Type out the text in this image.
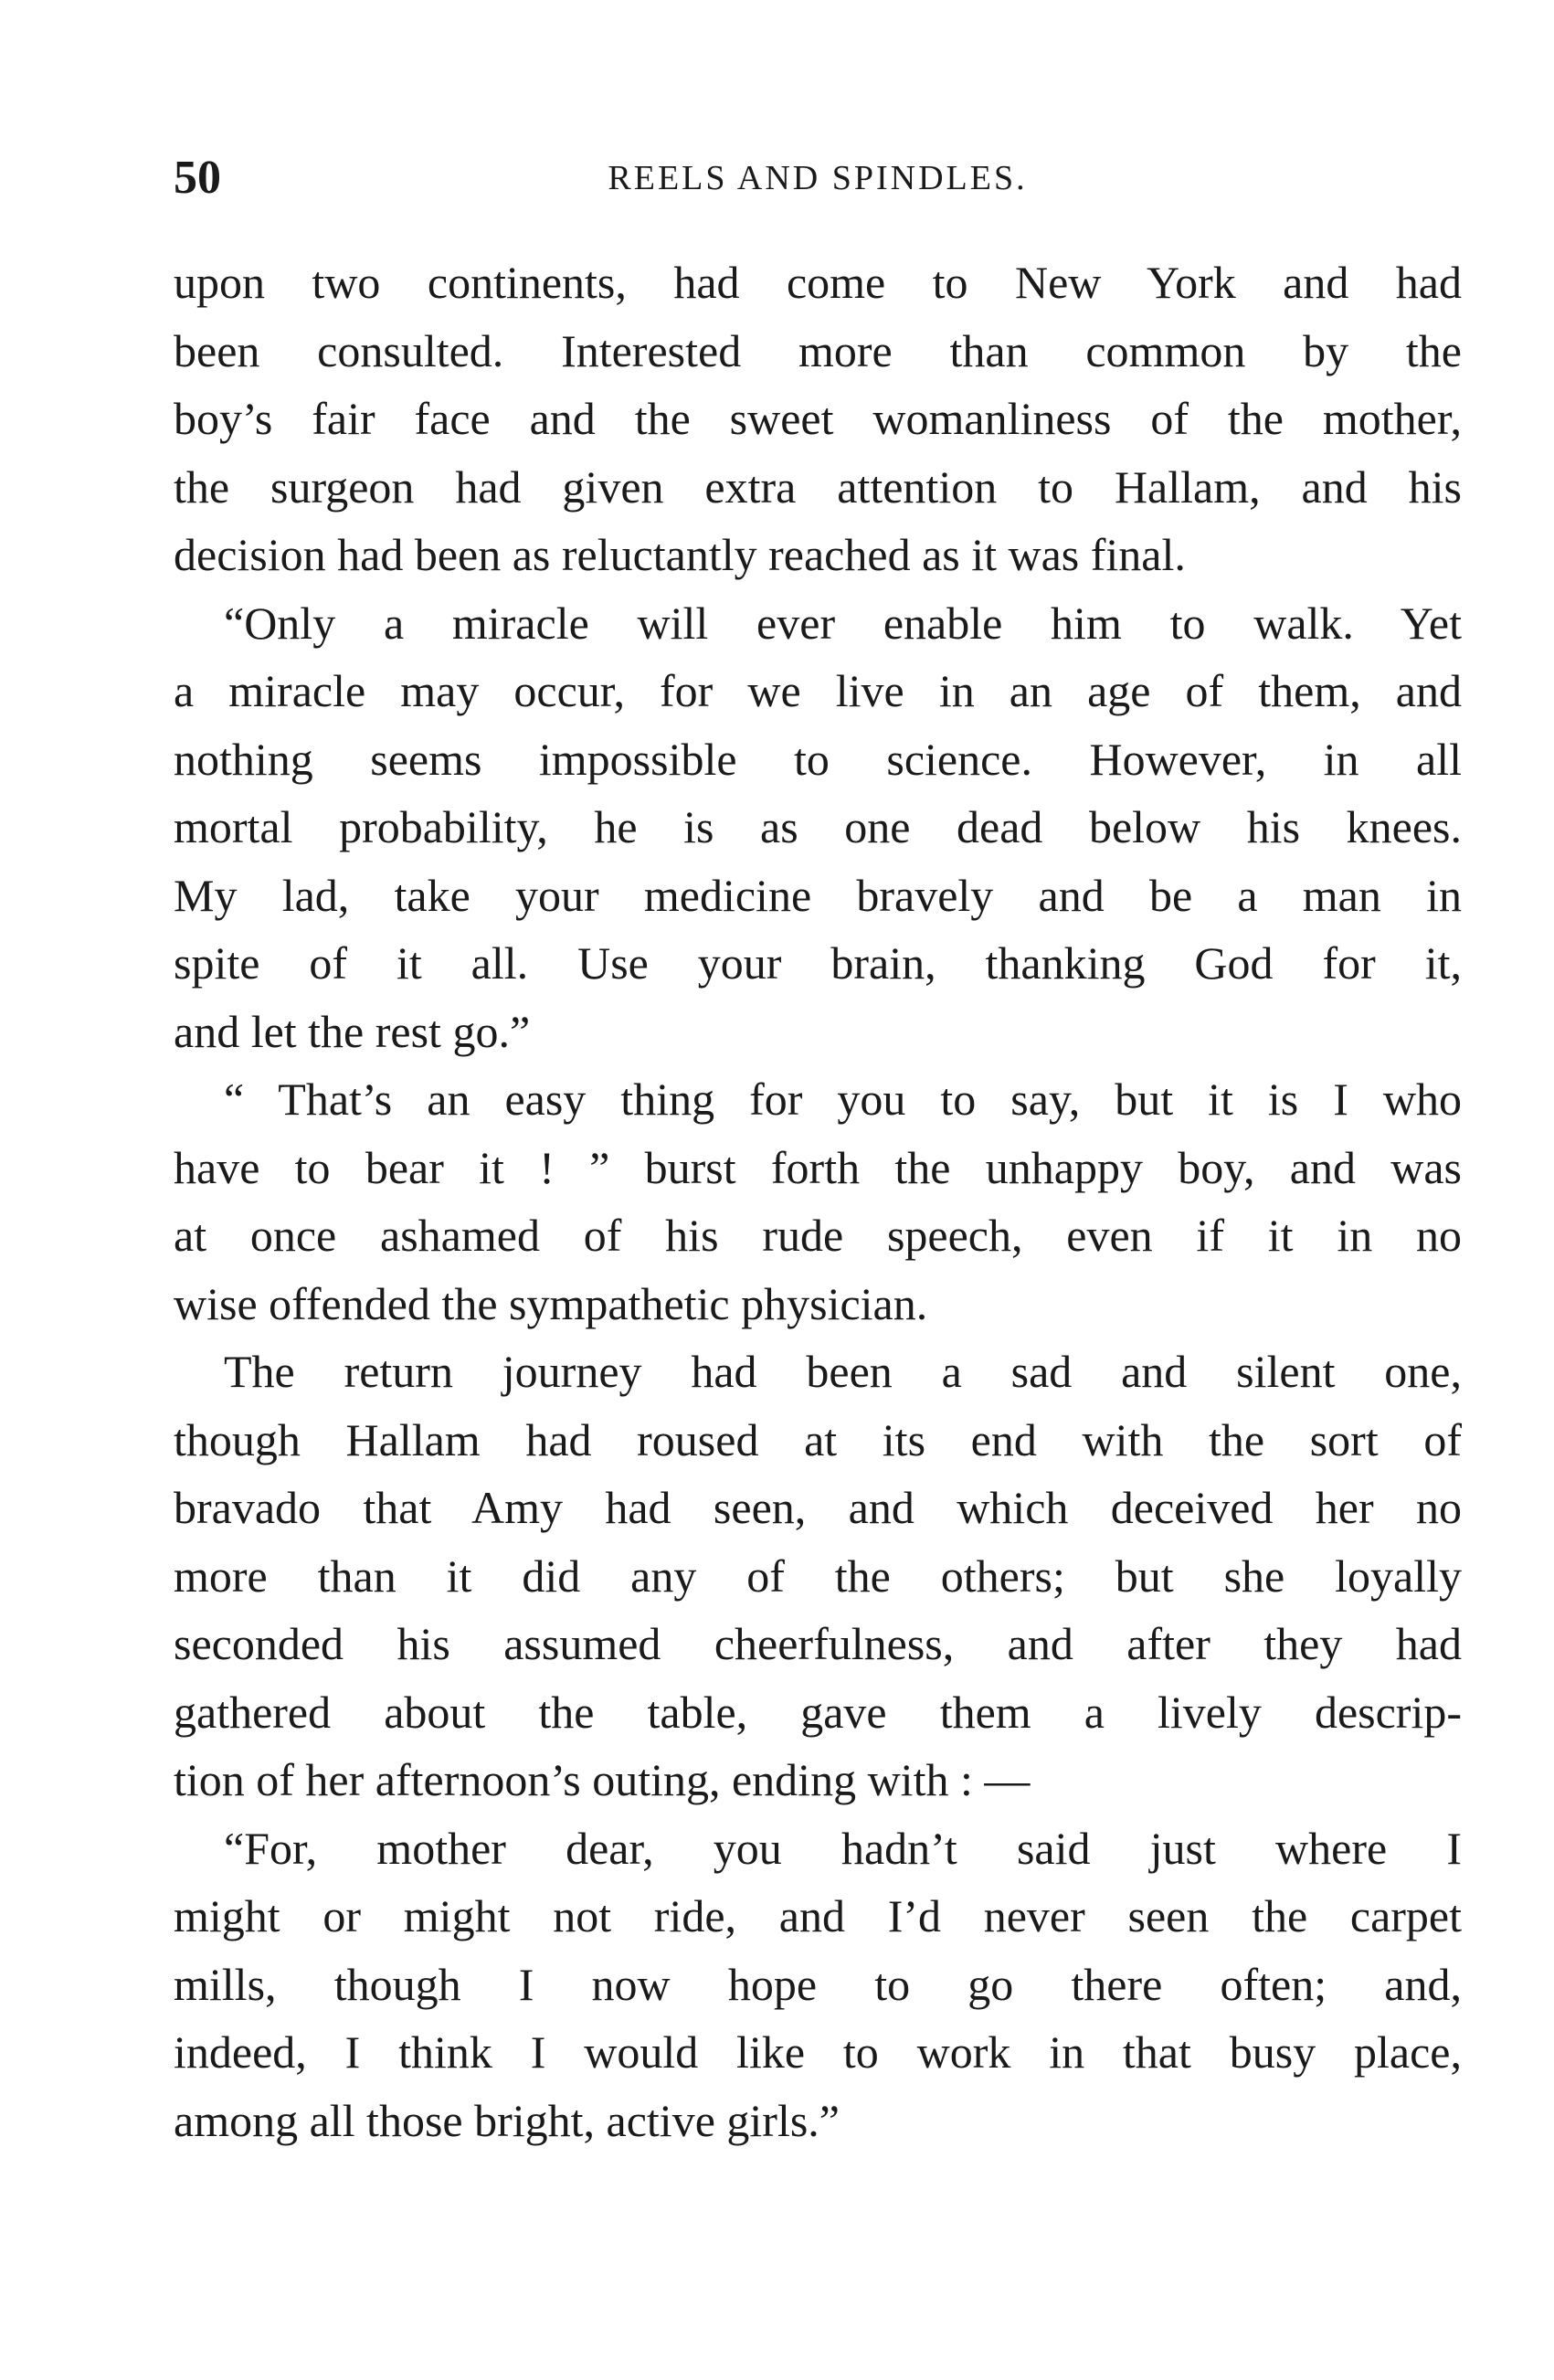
50	REELS AND SPINDLES.

upon two continents, had come to New York and had
been consulted. Interested more than common by the
boy’s fair face and the sweet womanliness of the mother,
the surgeon had given extra attention to Hallam, and his
decision had been as reluctantly reached as it was final.

“Only a miracle will ever enable him to walk. Yet
a miracle may occur, for we live in an age of them, and
nothing seems impossible to science. However, in all
mortal probability, he is as one dead below his knees.
My lad, take your medicine bravely and be a man in
spite of it all. Use your brain, thanking God for it,
and let the rest go.”

“ That’s an easy thing for you to say, but it is I who
have to bear it ! ” burst forth the unhappy boy, and was
at once ashamed of his rude speech, even if it in no
wise offended the sympathetic physician.

The return journey had been a sad and silent one,
though Hallam had roused at its end with the sort of
bravado that Amy had seen, and which deceived her no
more than it did any of the others; but she loyally
seconded his assumed cheerfulness, and after they had
gathered about the table, gave them a lively descrip-
tion of her afternoon’s outing, ending with : —

“For, mother dear, you hadn’t said just where I
might or might not ride, and I’d never seen the carpet
mills, though I now hope to go there often; and,
indeed, I think I would like to work in that busy place,
among all those bright, active girls.”
